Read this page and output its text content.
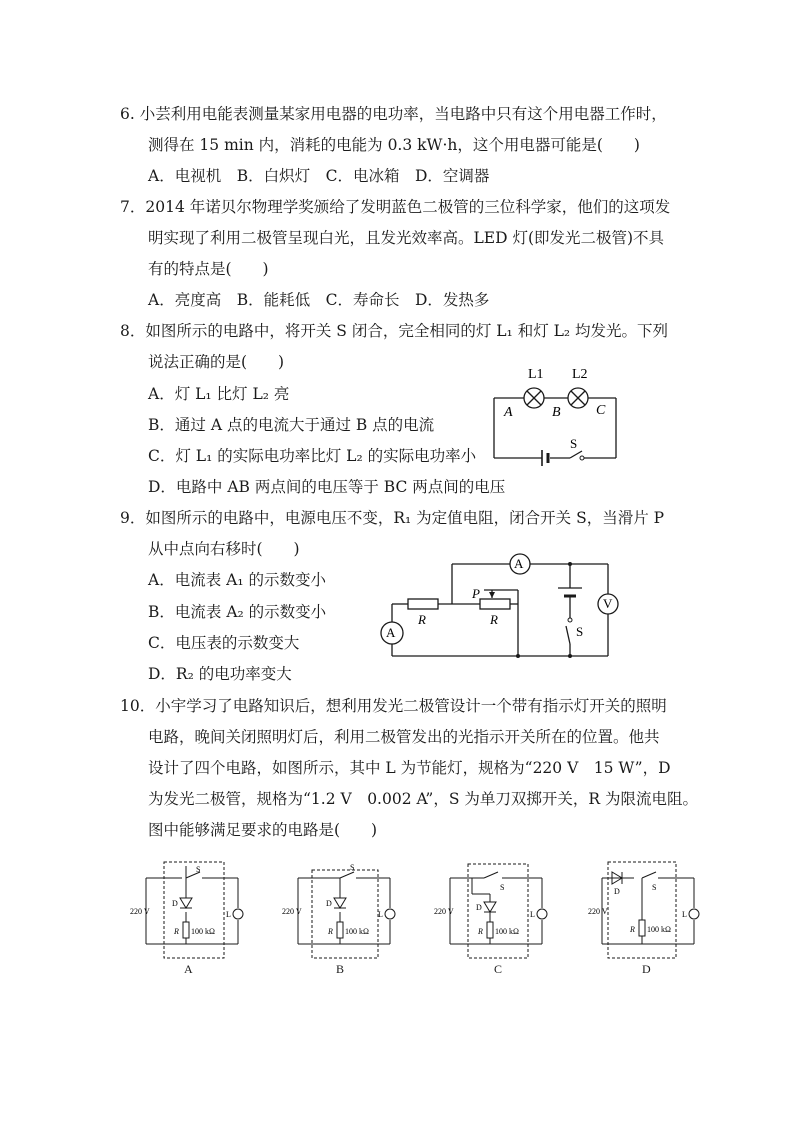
6. 小芸利用电能表测量某家用电器的电功率，当电路中只有这个用电器工作时，
测得在 15 min 内，消耗的电能为 0.3 kW·h，这个用电器可能是(　　)
A．电视机　B．白炽灯　C．电冰箱　D．空调器
7．2014 年诺贝尔物理学奖颁给了发明蓝色二极管的三位科学家，他们的这项发
明实现了利用二极管呈现白光，且发光效率高。LED 灯(即发光二极管)不具
有的特点是(　　)
A．亮度高　B．能耗低　C．寿命长　D．发热多
8．如图所示的电路中，将开关 S 闭合，完全相同的灯 L₁ 和灯 L₂ 均发光。下列
说法正确的是(　　)
A．灯 L₁ 比灯 L₂ 亮
B．通过 A 点的电流大于通过 B 点的电流
C．灯 L₁ 的实际电功率比灯 L₂ 的实际电功率小
D．电路中 AB 两点间的电压等于 BC 两点间的电压
L1 L2
A	B	C
S
9．如图所示的电路中，电源电压不变，R₁ 为定值电阻，闭合开关 S，当滑片 P
从中点向右移时(　　)
A．电流表 A₁ 的示数变小
B．电流表 A₂ 的示数变小
C．电压表的示数变大
D．R₂ 的电功率变大
A
A
V
R	R
P
S
10．小宇学习了电路知识后，想利用发光二极管设计一个带有指示灯开关的照明
电路，晚间关闭照明灯后，利用二极管发出的光指示开关所在的位置。他共
设计了四个电路，如图所示，其中 L 为节能灯，规格为“220 V　15 W”，D
为发光二极管，规格为“1.2 V　0.002 A”，S 为单刀双掷开关，R 为限流电阻。
图中能够满足要求的电路是(　　)
220 V
D
R 100 kΩ
S
L
A
220 V
D
R 100 kΩ
S
L
B
220 V	D
R 100 kΩ
S
L
C
220 V
D
R 100 kΩ
S
L
D
